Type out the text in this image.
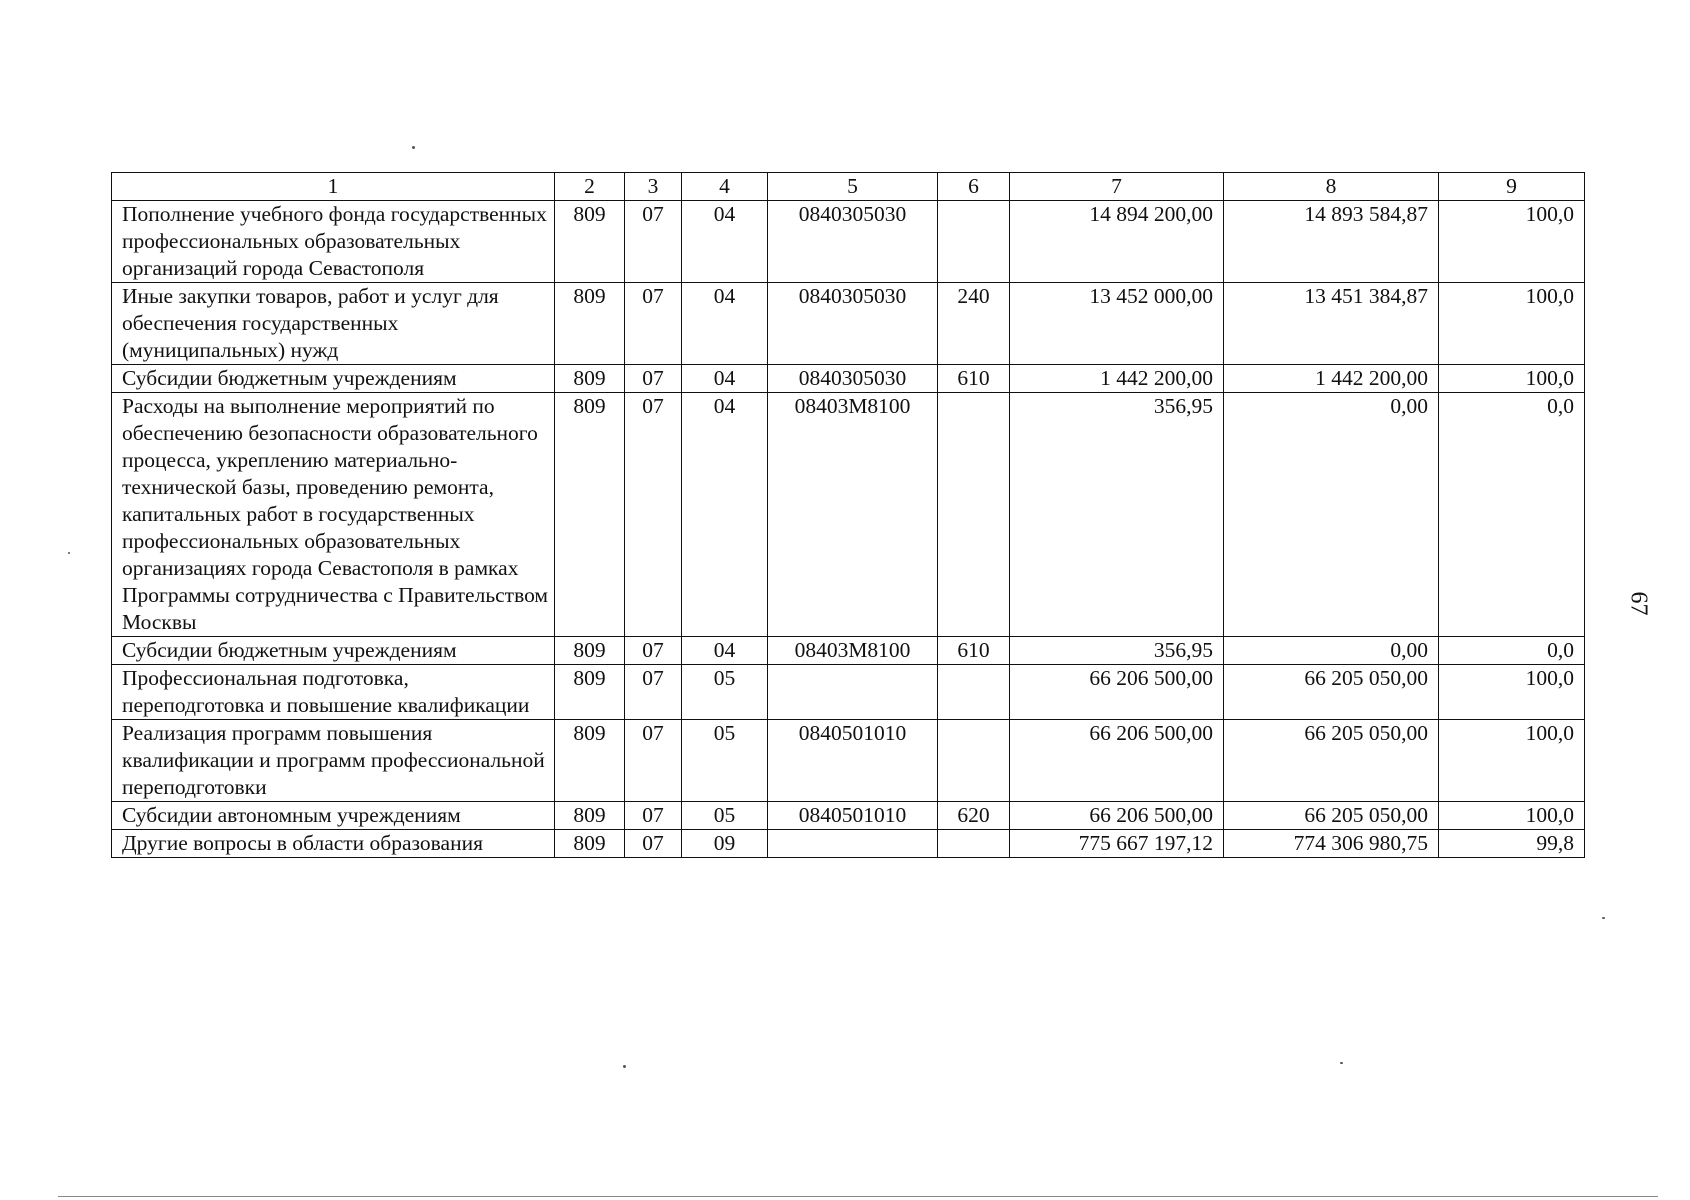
1	2	3	4	5	6	7	8	9
Пополнение учебного фонда государственных профессиональных образовательных организаций города Севастополя	809	07	04	0840305030		14 894 200,00	14 893 584,87	100,0
Иные закупки товаров, работ и услуг для обеспечения государственных (муниципальных) нужд	809	07	04	0840305030	240	13 452 000,00	13 451 384,87	100,0
Субсидии бюджетным учреждениям	809	07	04	0840305030	610	1 442 200,00	1 442 200,00	100,0
Расходы на выполнение мероприятий по обеспечению безопасности образовательного процесса, укреплению материально-технической базы, проведению ремонта, капитальных работ в государственных профессиональных образовательных организациях города Севастополя в рамках Программы сотрудничества с Правительством Москвы	809	07	04	08403М8100		356,95	0,00	0,0
Субсидии бюджетным учреждениям	809	07	04	08403М8100	610	356,95	0,00	0,0
Профессиональная подготовка, переподготовка и повышение квалификации	809	07	05			66 206 500,00	66 205 050,00	100,0
Реализация программ повышения квалификации и программ профессиональной переподготовки	809	07	05	0840501010		66 206 500,00	66 205 050,00	100,0
Субсидии автономным учреждениям	809	07	05	0840501010	620	66 206 500,00	66 205 050,00	100,0
Другие вопросы в области образования	809	07	09			775 667 197,12	774 306 980,75	99,8
67
